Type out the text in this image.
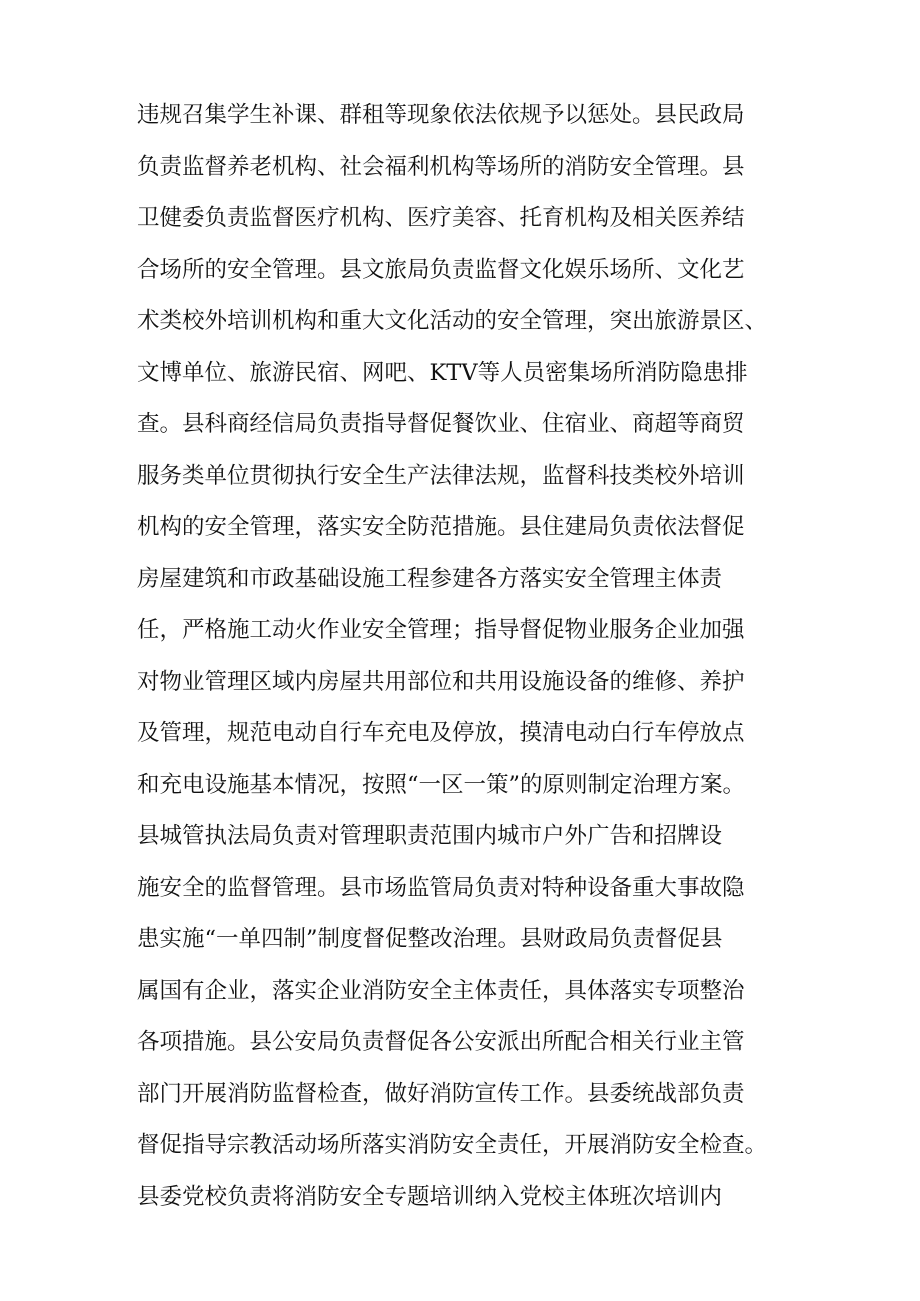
违规召集学生补课、群租等现象依法依规予以惩处。县民政局

负责监督养老机构、社会福利机构等场所的消防安全管理。县

卫健委负责监督医疗机构、医疗美容、托育机构及相关医养结

合场所的安全管理。县文旅局负责监督文化娱乐场所、文化艺

术类校外培训机构和重大文化活动的安全管理，突出旅游景区、

文博单位、旅游民宿、网吧、KTV等人员密集场所消防隐患排

查。县科商经信局负责指导督促餐饮业、住宿业、商超等商贸

服务类单位贯彻执行安全生产法律法规，监督科技类校外培训

机构的安全管理，落实安全防范措施。县住建局负责依法督促

房屋建筑和市政基础设施工程参建各方落实安全管理主体责

任，严格施工动火作业安全管理；指导督促物业服务企业加强

对物业管理区域内房屋共用部位和共用设施设备的维修、养护

及管理，规范电动自行车充电及停放，摸清电动白行车停放点

和充电设施基本情况，按照“一区一策”的原则制定治理方案。

县城管执法局负责对管理职责范围内城市户外广告和招牌设

施安全的监督管理。县市场监管局负责对特种设备重大事故隐

患实施“一单四制”制度督促整改治理。县财政局负责督促县

属国有企业，落实企业消防安全主体责任，具体落实专项整治

各项措施。县公安局负责督促各公安派出所配合相关行业主管

部门开展消防监督检查，做好消防宣传工作。县委统战部负责

督促指导宗教活动场所落实消防安全责任，开展消防安全检查。

县委党校负责将消防安全专题培训纳入党校主体班次培训内
